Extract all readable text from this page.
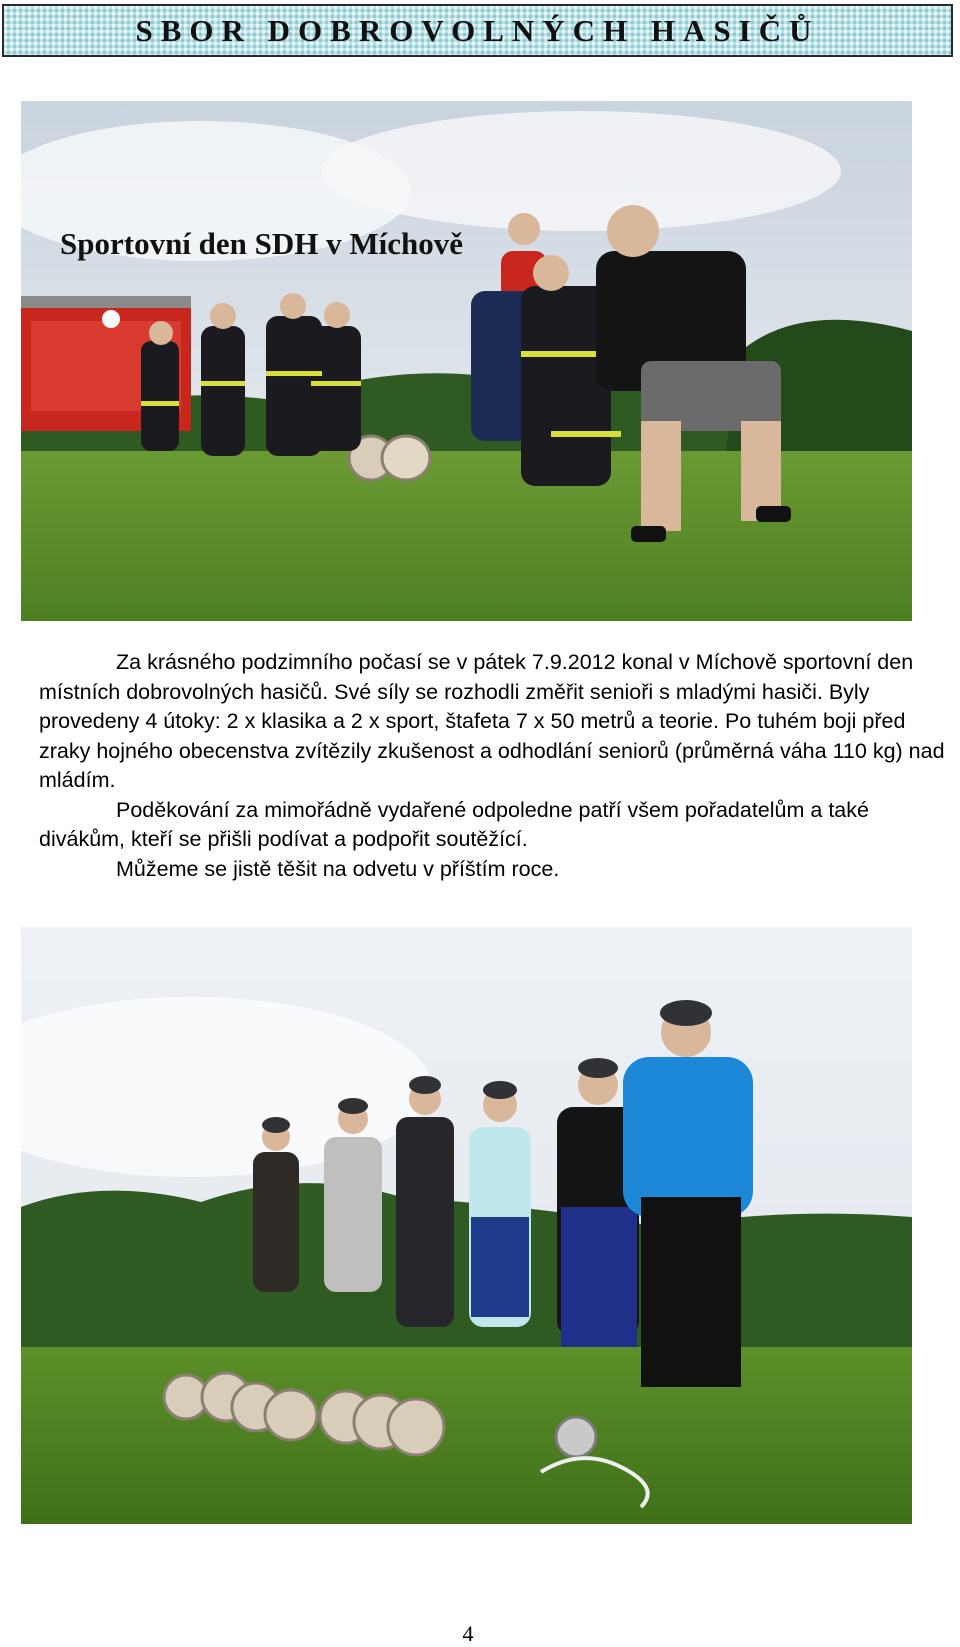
SBOR DOBROVOLNÝCH HASIČŮ
Sportovní den SDH v Míchově

Za krásného podzimního počasí se v pátek 7.9.2012 konal v Míchově sportovní den místních dobrovolných hasičů. Své síly se rozhodli změřit senioři s mladými hasiči. Byly provedeny 4 útoky: 2 x klasika a 2 x sport, štafeta 7 x 50 metrů a teorie. Po tuhém boji před zraky hojného obecenstva zvítězily zkušenost a odhodlání seniorů (průměrná váha 110 kg) nad mládím.

Poděkování za mimořádně vydařené odpoledne patří všem pořadatelům a také divákům, kteří se přišli podívat a podpořit soutěžící.

Můžeme se jistě těšit na odvetu v příštím roce.

4
